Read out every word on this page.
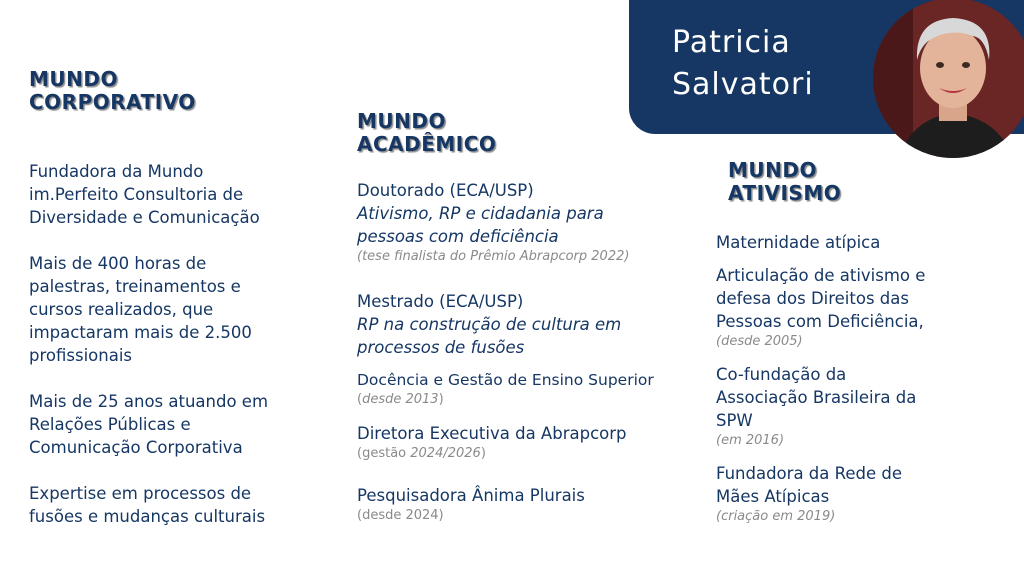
Patricia
Salvatori
MUNDO
CORPORATIVO
Fundadora da Mundo
im.Perfeito Consultoria de
Diversidade e Comunicação
Mais de 400 horas de
palestras, treinamentos e
cursos realizados, que
impactaram mais de 2.500
profissionais
Mais de 25 anos atuando em
Relações Públicas e
Comunicação Corporativa
Expertise em processos de
fusões e mudanças culturais
MUNDO
ACADÊMICO
Doutorado (ECA/USP)
Ativismo, RP e cidadania para
pessoas com deficiência
(tese finalista do Prêmio Abrapcorp 2022)
Mestrado (ECA/USP)
RP na construção de cultura em
processos de fusões
Docência e Gestão de Ensino Superior
(desde 2013)
Diretora Executiva da Abrapcorp
(gestão 2024/2026)
Pesquisadora Ânima Plurais
(desde 2024)
MUNDO
ATIVISMO
Maternidade atípica
Articulação de ativismo e
defesa dos Direitos das
Pessoas com Deficiência,
(desde 2005)
Co-fundação da
Associação Brasileira da
SPW
(em 2016)
Fundadora da Rede de
Mães Atípicas
(criação em 2019)
